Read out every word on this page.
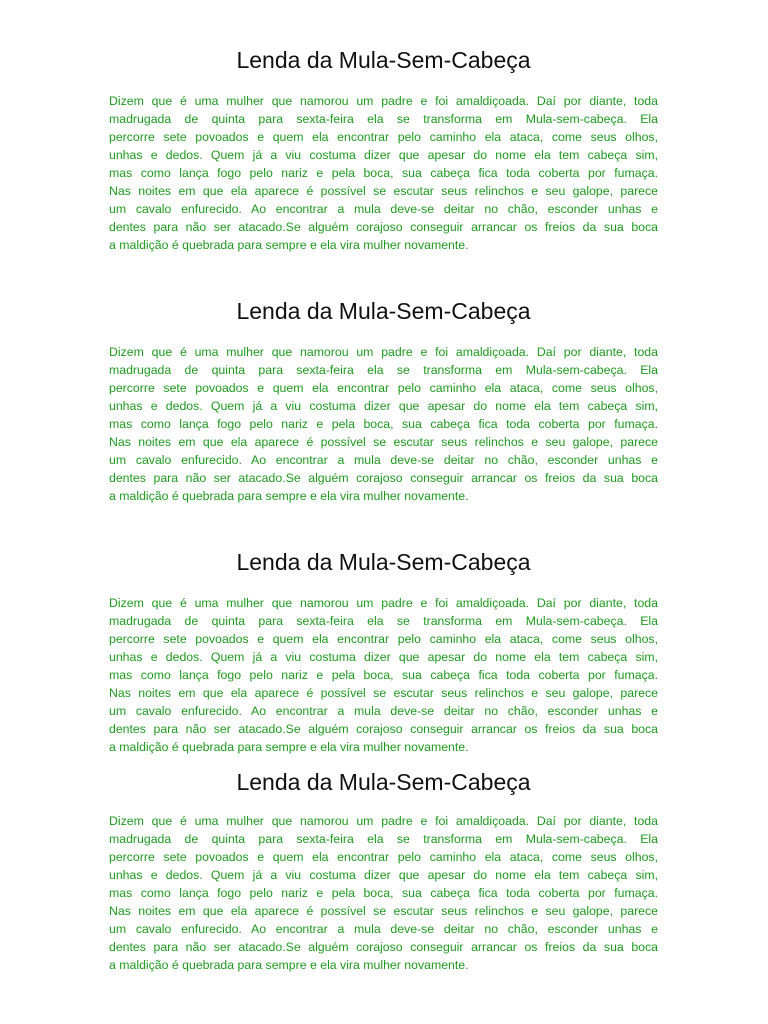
Lenda da Mula-Sem-Cabeça
Dizem que é uma mulher que namorou um padre e foi amaldiçoada. Daí por diante, toda
madrugada de quinta para sexta-feira ela se transforma em Mula-sem-cabeça. Ela
percorre sete povoados e quem ela encontrar pelo caminho ela ataca, come seus olhos,
unhas e dedos. Quem já a viu costuma dizer que apesar do nome ela tem cabeça sim,
mas como lança fogo pelo nariz e pela boca, sua cabeça fica toda coberta por fumaça.
Nas noites em que ela aparece é possível se escutar seus relinchos e seu galope, parece
um cavalo enfurecido. Ao encontrar a mula deve-se deitar no chão, esconder unhas e
dentes para não ser atacado.Se alguém corajoso conseguir arrancar os freios da sua boca
a maldição é quebrada para sempre e ela vira mulher novamente.
Lenda da Mula-Sem-Cabeça
Dizem que é uma mulher que namorou um padre e foi amaldiçoada. Daí por diante, toda
madrugada de quinta para sexta-feira ela se transforma em Mula-sem-cabeça. Ela
percorre sete povoados e quem ela encontrar pelo caminho ela ataca, come seus olhos,
unhas e dedos. Quem já a viu costuma dizer que apesar do nome ela tem cabeça sim,
mas como lança fogo pelo nariz e pela boca, sua cabeça fica toda coberta por fumaça.
Nas noites em que ela aparece é possível se escutar seus relinchos e seu galope, parece
um cavalo enfurecido. Ao encontrar a mula deve-se deitar no chão, esconder unhas e
dentes para não ser atacado.Se alguém corajoso conseguir arrancar os freios da sua boca
a maldição é quebrada para sempre e ela vira mulher novamente.
Lenda da Mula-Sem-Cabeça
Dizem que é uma mulher que namorou um padre e foi amaldiçoada. Daí por diante, toda
madrugada de quinta para sexta-feira ela se transforma em Mula-sem-cabeça. Ela
percorre sete povoados e quem ela encontrar pelo caminho ela ataca, come seus olhos,
unhas e dedos. Quem já a viu costuma dizer que apesar do nome ela tem cabeça sim,
mas como lança fogo pelo nariz e pela boca, sua cabeça fica toda coberta por fumaça.
Nas noites em que ela aparece é possível se escutar seus relinchos e seu galope, parece
um cavalo enfurecido. Ao encontrar a mula deve-se deitar no chão, esconder unhas e
dentes para não ser atacado.Se alguém corajoso conseguir arrancar os freios da sua boca
a maldição é quebrada para sempre e ela vira mulher novamente.
Lenda da Mula-Sem-Cabeça
Dizem que é uma mulher que namorou um padre e foi amaldiçoada. Daí por diante, toda
madrugada de quinta para sexta-feira ela se transforma em Mula-sem-cabeça. Ela
percorre sete povoados e quem ela encontrar pelo caminho ela ataca, come seus olhos,
unhas e dedos. Quem já a viu costuma dizer que apesar do nome ela tem cabeça sim,
mas como lança fogo pelo nariz e pela boca, sua cabeça fica toda coberta por fumaça.
Nas noites em que ela aparece é possível se escutar seus relinchos e seu galope, parece
um cavalo enfurecido. Ao encontrar a mula deve-se deitar no chão, esconder unhas e
dentes para não ser atacado.Se alguém corajoso conseguir arrancar os freios da sua boca
a maldição é quebrada para sempre e ela vira mulher novamente.
